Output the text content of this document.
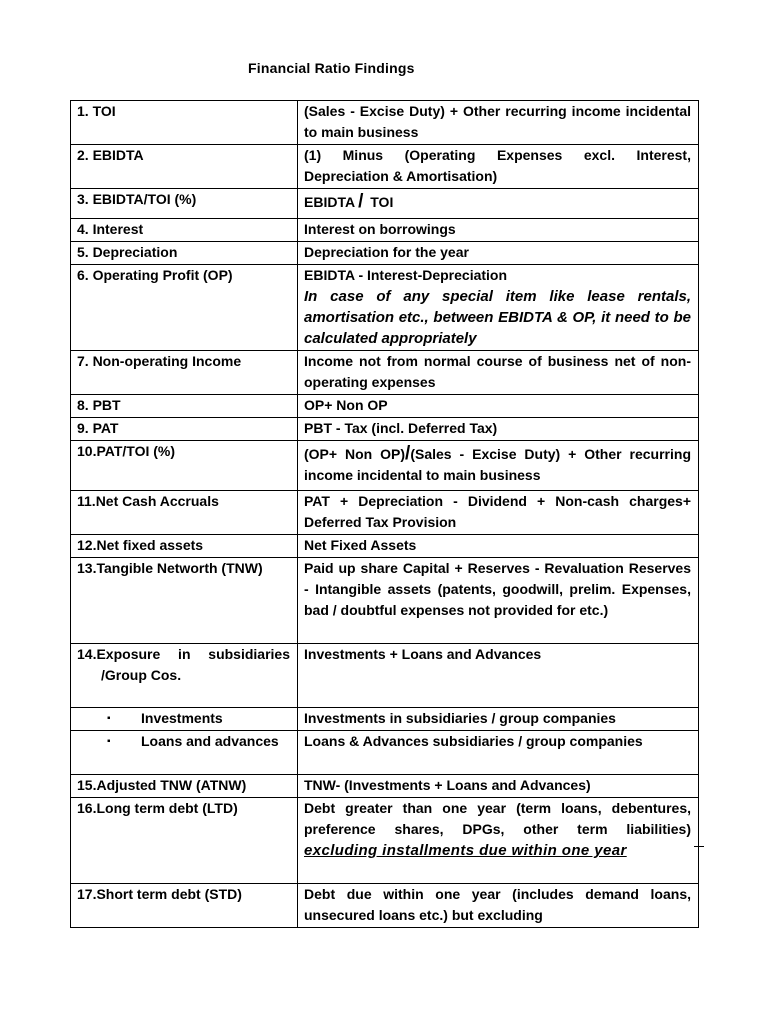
Financial Ratio Findings
1. TOI	(Sales - Excise Duty) + Other recurring income incidental to main business
2. EBIDTA	(1) Minus (Operating Expenses excl. Interest, Depreciation & Amortisation)
3. EBIDTA/TOI (%)	EBIDTA / TOI
4. Interest	Interest on borrowings
5. Depreciation	Depreciation for the year
6. Operating Profit (OP)	EBIDTA - Interest-Depreciation
In case of any special item like lease rentals, amortisation etc., between EBIDTA & OP, it need to be calculated appropriately

7. Non-operating Income	Income not from normal course of business net of non-operating expenses
8. PBT	OP+ Non OP
9. PAT	PBT - Tax (incl. Deferred Tax)
10.PAT/TOI (%)	(OP+ Non OP)/(Sales - Excise Duty) + Other recurring income incidental to main business
11.Net Cash Accruals	PAT + Depreciation - Dividend + Non-cash charges+ Deferred Tax Provision
12.Net fixed assets	Net Fixed Assets

13.Tangible Networth (TNW)	Paid up share Capital + Reserves - Revaluation Reserves - Intangible assets (patents, goodwill, prelim. Expenses, bad / doubtful expenses not provided for etc.)

14.Exposure in subsidiaries /Group Cos.	Investments + Loans and Advances

▪ Investments	Investments in subsidiaries / group companies

▪ Loans and advances	Loans & Advances subsidiaries / group companies
15.Adjusted TNW (ATNW)	TNW- (Investments + Loans and Advances)
16.Long term debt (LTD)	Debt greater than one year (term loans, debentures, preference shares, DPGs, other term liabilities) excluding installments due within one year
17.Short term debt (STD)	Debt due within one year (includes demand loans, unsecured loans etc.) but excluding
